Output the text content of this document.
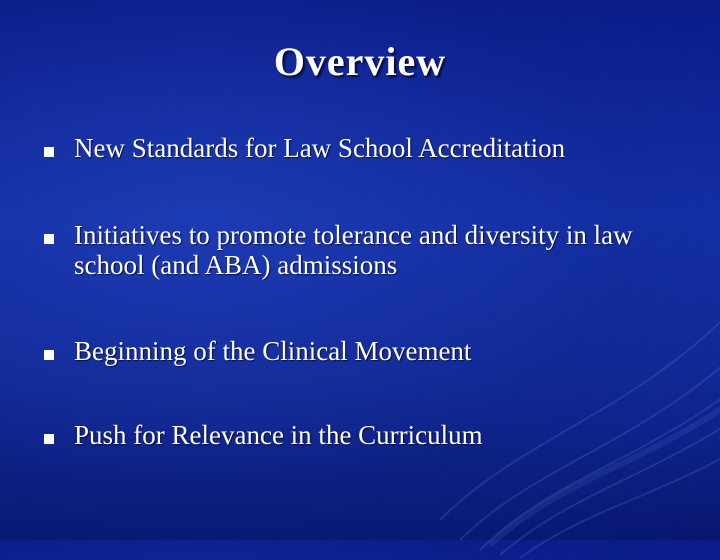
Overview
New Standards for Law School Accreditation
Initiatives to promote tolerance and diversity in law school (and ABA) admissions
Beginning of the Clinical Movement
Push for Relevance in the Curriculum
